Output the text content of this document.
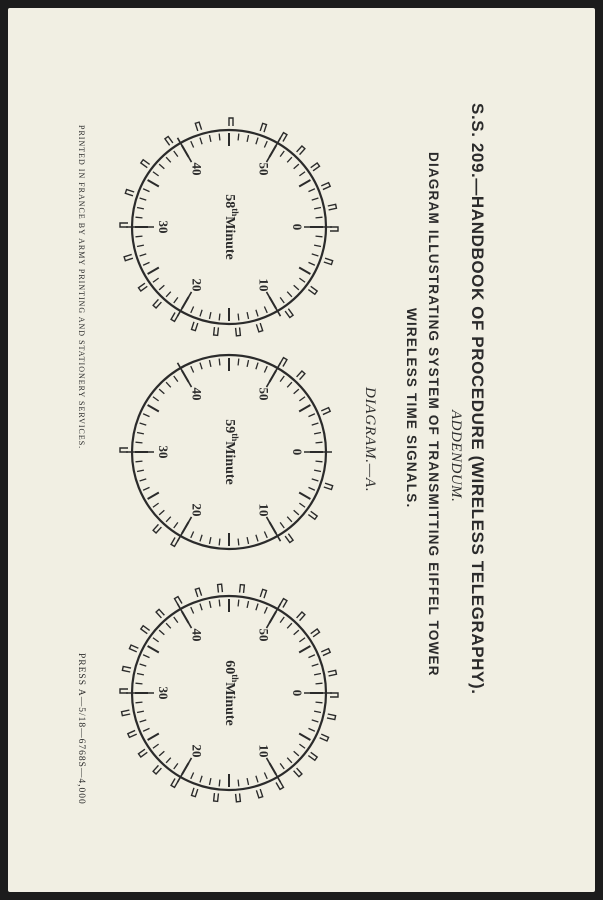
S.S. 209.—HANDBOOK OF PROCEDURE (WIRELESS TELEGRAPHY).
ADDENDUM.
DIAGRAM ILLUSTRATING SYSTEM OF TRANSMITTING EIFFEL TOWER
WIRELESS TIME SIGNALS.
DIAGRAM.—A.
PRINTED IN FRANCE BY ARMY PRINTING AND STATIONERY SERVICES.
PRESS A—5/18—6768S—4,000
0
10
20
30
40	50
58thMinute
0
10
20
30
40	50
59thMinute
0
10
20
30
40	50
60thMinute
